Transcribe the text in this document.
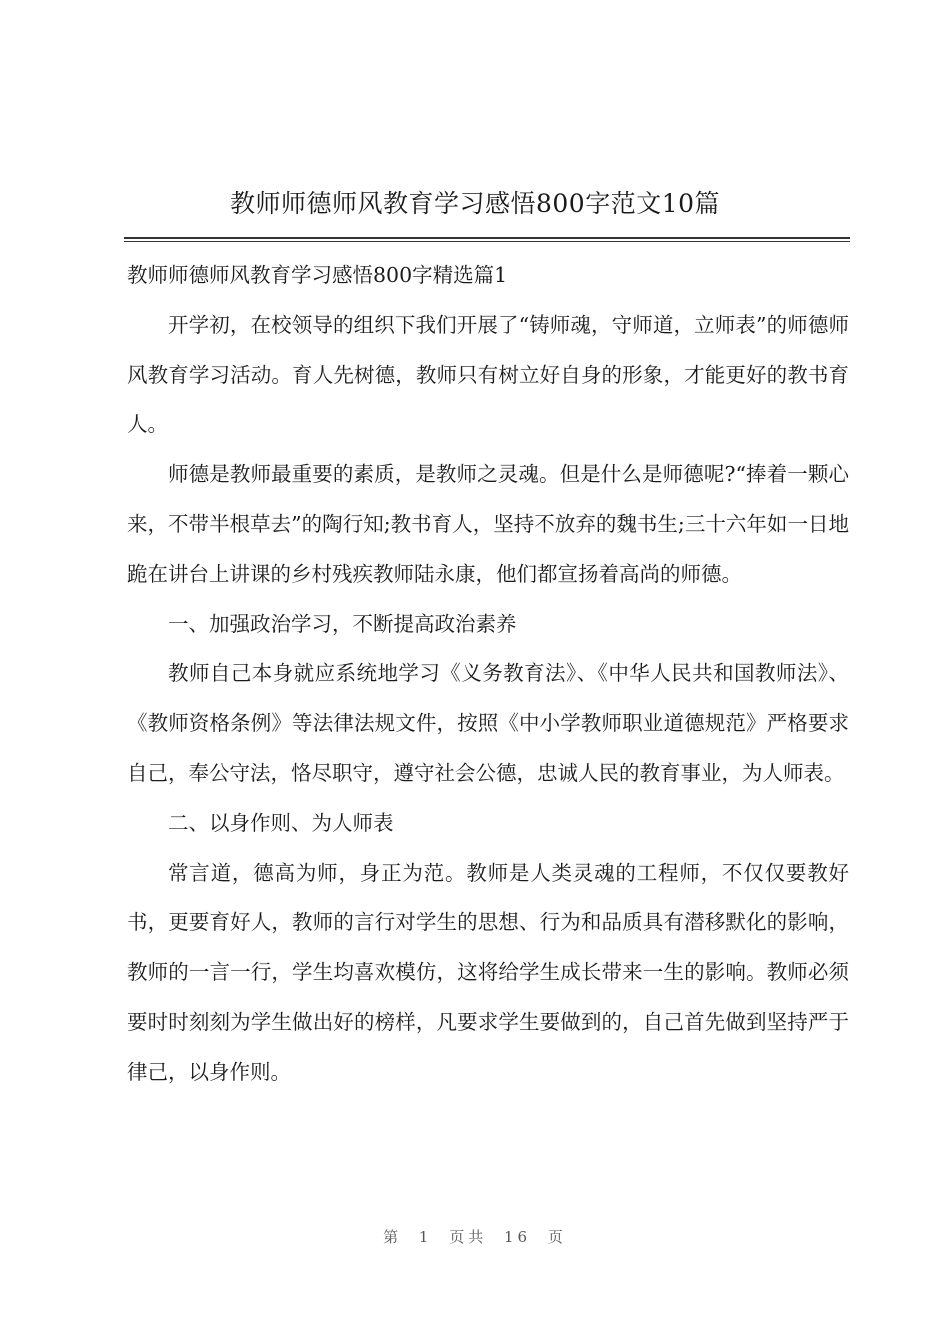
教师师德师风教育学习感悟800字范文10篇

教师师德师风教育学习感悟800字精选篇1

开学初，在校领导的组织下我们开展了“铸师魂，守师道，立师表”的师德师风教育学习活动。育人先树德，教师只有树立好自身的形象，才能更好的教书育人。

师德是教师最重要的素质，是教师之灵魂。但是什么是师德呢?“捧着一颗心来，不带半根草去”的陶行知;教书育人，坚持不放弃的魏书生;三十六年如一日地跪在讲台上讲课的乡村残疾教师陆永康，他们都宣扬着高尚的师德。

一、加强政治学习，不断提高政治素养

教师自己本身就应系统地学习《义务教育法》、《中华人民共和国教师法》、《教师资格条例》等法律法规文件，按照《中小学教师职业道德规范》严格要求自己，奉公守法，恪尽职守，遵守社会公德，忠诚人民的教育事业，为人师表。

二、以身作则、为人师表

常言道，德高为师，身正为范。教师是人类灵魂的工程师，不仅仅要教好书，更要育好人，教师的言行对学生的思想、行为和品质具有潜移默化的影响，教师的一言一行，学生均喜欢模仿，这将给学生成长带来一生的影响。教师必须要时时刻刻为学生做出好的榜样，凡要求学生要做到的，自己首先做到坚持严于律己，以身作则。

第 1 页共 16 页
